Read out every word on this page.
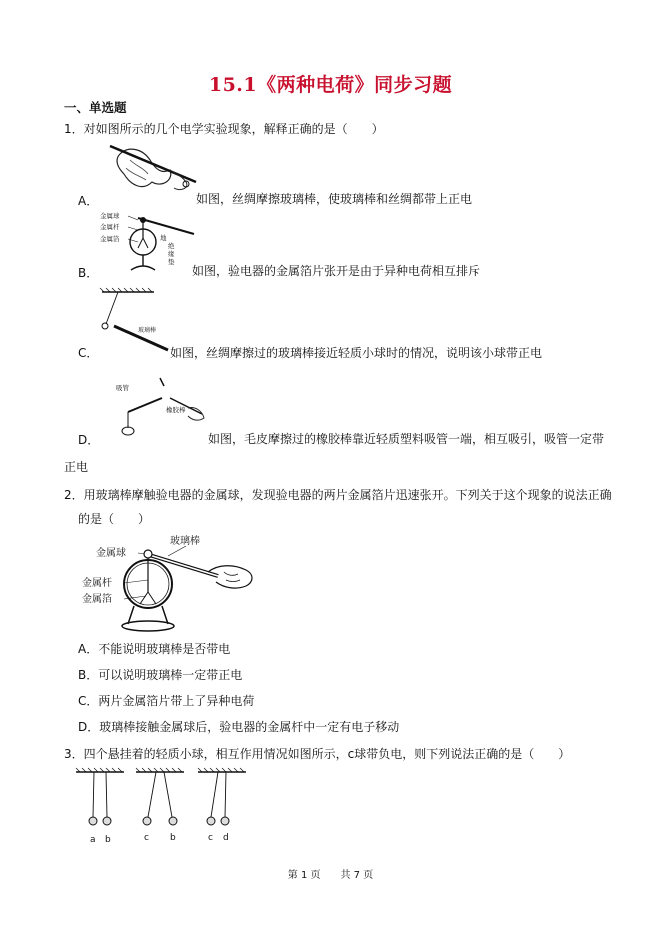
15.1《两种电荷》同步习题
一、单选题
1．对如图所示的几个电学实验现象，解释正确的是（　　）
A．	如图，丝绸摩擦玻璃棒，使玻璃棒和丝绸都带上正电
金属球
金属杆
金属箔	地
绝
缘
垫
B．	如图，验电器的金属箔片张开是由于异种电荷相互排斥
玻璃棒
C．	如图，丝绸摩擦过的玻璃棒接近轻质小球时的情况，说明该小球带正电
吸管
橡胶棒
D．	如图，毛皮摩擦过的橡胶棒靠近轻质塑料吸管一端，相互吸引，吸管一定带
正电
2．用玻璃棒摩触验电器的金属球，发现验电器的两片金属箔片迅速张开。下列关于这个现象的说法正确
的是（　　）
玻璃棒
金属球
金属杆
金属箔
A．不能说明玻璃棒是否带电
B．可以说明玻璃棒一定带正电
C．两片金属箔片带上了异种电荷
D．玻璃棒接触金属球后，验电器的金属杆中一定有电子移动
3．四个悬挂着的轻质小球，相互作用情况如图所示，c球带负电，则下列说法正确的是（　　）
a b	c b	c d
第 1 页　　共 7 页
